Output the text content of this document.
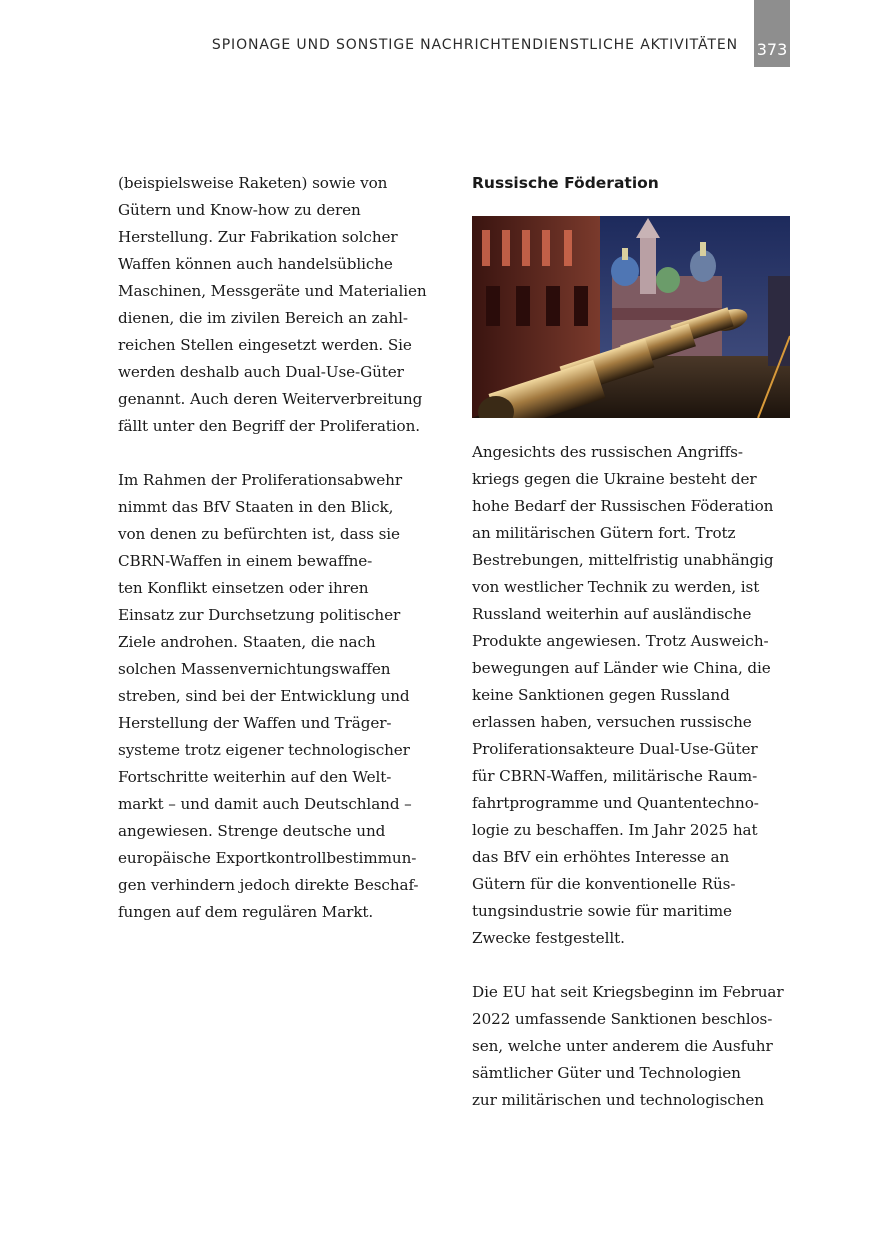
SPIONAGE UND SONSTIGE NACHRICHTENDIENSTLICHE AKTIVITÄTEN 373
(beispielsweise Raketen) sowie von
Gütern und Know-how zu deren
Herstellung. Zur Fabrikation solcher
Waffen können auch handelsübliche
Maschinen, Messgeräte und Materialien
dienen, die im zivilen Bereich an zahl-
reichen Stellen eingesetzt werden. Sie
werden deshalb auch Dual-Use-Güter
genannt. Auch deren Weiterverbreitung
fällt unter den Begriff der Proliferation.
Im Rahmen der Proliferationsabwehr
nimmt das BfV Staaten in den Blick,
von denen zu befürchten ist, dass sie
CBRN-Waffen in einem bewaffne-
ten Konflikt einsetzen oder ihren
Einsatz zur Durchsetzung politischer
Ziele androhen. Staaten, die nach
solchen Massenvernichtungswaffen
streben, sind bei der Entwicklung und
Herstellung der Waffen und Träger-
systeme trotz eigener technologischer
Fortschritte weiterhin auf den Welt-
markt – und damit auch Deutschland –
angewiesen. Strenge deutsche und
europäische Exportkontrollbestimmun-
gen verhindern jedoch direkte Beschaf-
fungen auf dem regulären Markt.
Russische Föderation
Angesichts des russischen Angriffs-
kriegs gegen die Ukraine besteht der
hohe Bedarf der Russischen Föderation
an militärischen Gütern fort. Trotz
Bestrebungen, mittelfristig unabhängig
von westlicher Technik zu werden, ist
Russland weiterhin auf ausländische
Produkte angewiesen. Trotz Ausweich-
bewegungen auf Länder wie China, die
keine Sanktionen gegen Russland
erlassen haben, versuchen russische
Proliferationsakteure Dual-Use-Güter
für CBRN-Waffen, militärische Raum-
fahrtprogramme und Quantentechno-
logie zu beschaffen. Im Jahr 2025 hat
das BfV ein erhöhtes Interesse an
Gütern für die konventionelle Rüs-
tungsindustrie sowie für maritime
Zwecke festgestellt.
Die EU hat seit Kriegsbeginn im Februar
2022 umfassende Sanktionen beschlos-
sen, welche unter anderem die Ausfuhr
sämtlicher Güter und Technologien
zur militärischen und technologischen
